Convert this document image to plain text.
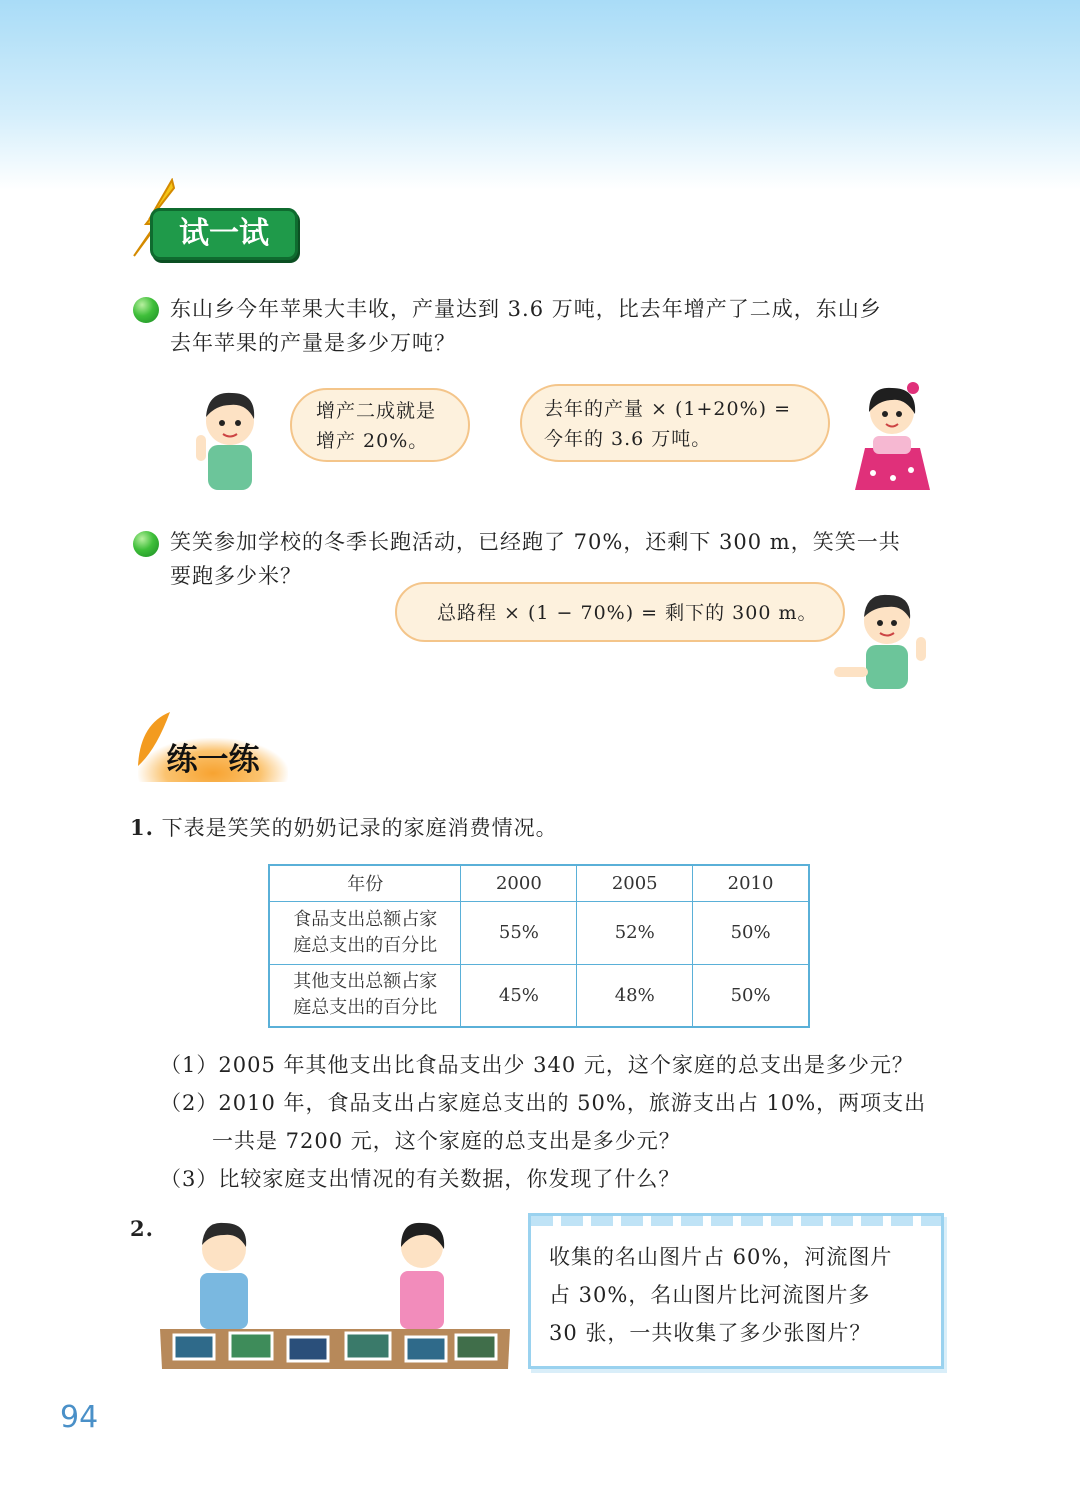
试一试
东山乡今年苹果大丰收，产量达到 3.6 万吨，比去年增产了二成，东山乡
去年苹果的产量是多少万吨？
增产二成就是
增产 20%。
去年的产量 × (1+20%) =
今年的 3.6 万吨。
笑笑参加学校的冬季长跑活动，已经跑了 70%，还剩下 300 m，笑笑一共
要跑多少米？
总路程 × (1 − 70%) = 剩下的 300 m。
练一练
1. 下表是笑笑的奶奶记录的家庭消费情况。
年份	2000	2005	2010

食品支出总额占家
庭总支出的百分比	55%	52%	50%

其他支出总额占家
庭总支出的百分比	45%	48%	50%
（1）2005 年其他支出比食品支出少 340 元，这个家庭的总支出是多少元？
（2）2010 年，食品支出占家庭总支出的 50%，旅游支出占 10%，两项支出
一共是 7200 元，这个家庭的总支出是多少元？
（3）比较家庭支出情况的有关数据，你发现了什么？
2.
收集的名山图片占 60%，河流图片
占 30%，名山图片比河流图片多
30 张，一共收集了多少张图片？
94
